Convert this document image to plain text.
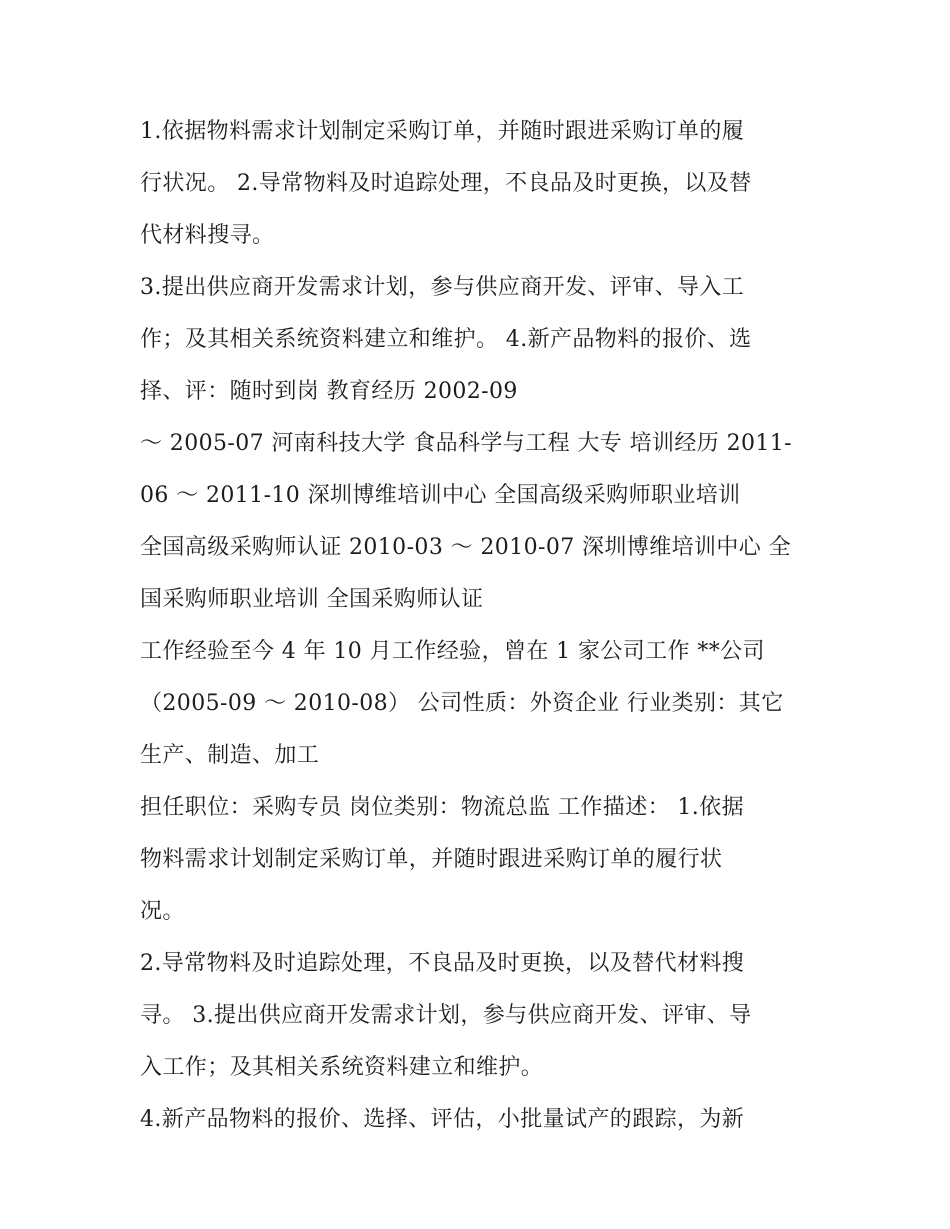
1.依据物料需求计划制定采购订单，并随时跟进采购订单的履
行状况。 2.导常物料及时追踪处理，不良品及时更换，以及替
代材料搜寻。
3.提出供应商开发需求计划，参与供应商开发、评审、导入工
作；及其相关系统资料建立和维护。 4.新产品物料的报价、选
择、评：随时到岗 教育经历 2002-09
～ 2005-07 河南科技大学 食品科学与工程 大专 培训经历 2011-
06 ～ 2011-10 深圳博维培训中心 全国高级采购师职业培训
全国高级采购师认证 2010-03 ～ 2010-07 深圳博维培训中心 全
国采购师职业培训 全国采购师认证
工作经验至今 4 年 10 月工作经验，曾在 1 家公司工作 **公司
（2005-09 ～ 2010-08） 公司性质：外资企业 行业类别：其它
生产、制造、加工
担任职位：采购专员 岗位类别：物流总监 工作描述： 1.依据
物料需求计划制定采购订单，并随时跟进采购订单的履行状
况。
2.导常物料及时追踪处理，不良品及时更换，以及替代材料搜
寻。 3.提出供应商开发需求计划，参与供应商开发、评审、导
入工作；及其相关系统资料建立和维护。
4.新产品物料的报价、选择、评估，小批量试产的跟踪，为新
